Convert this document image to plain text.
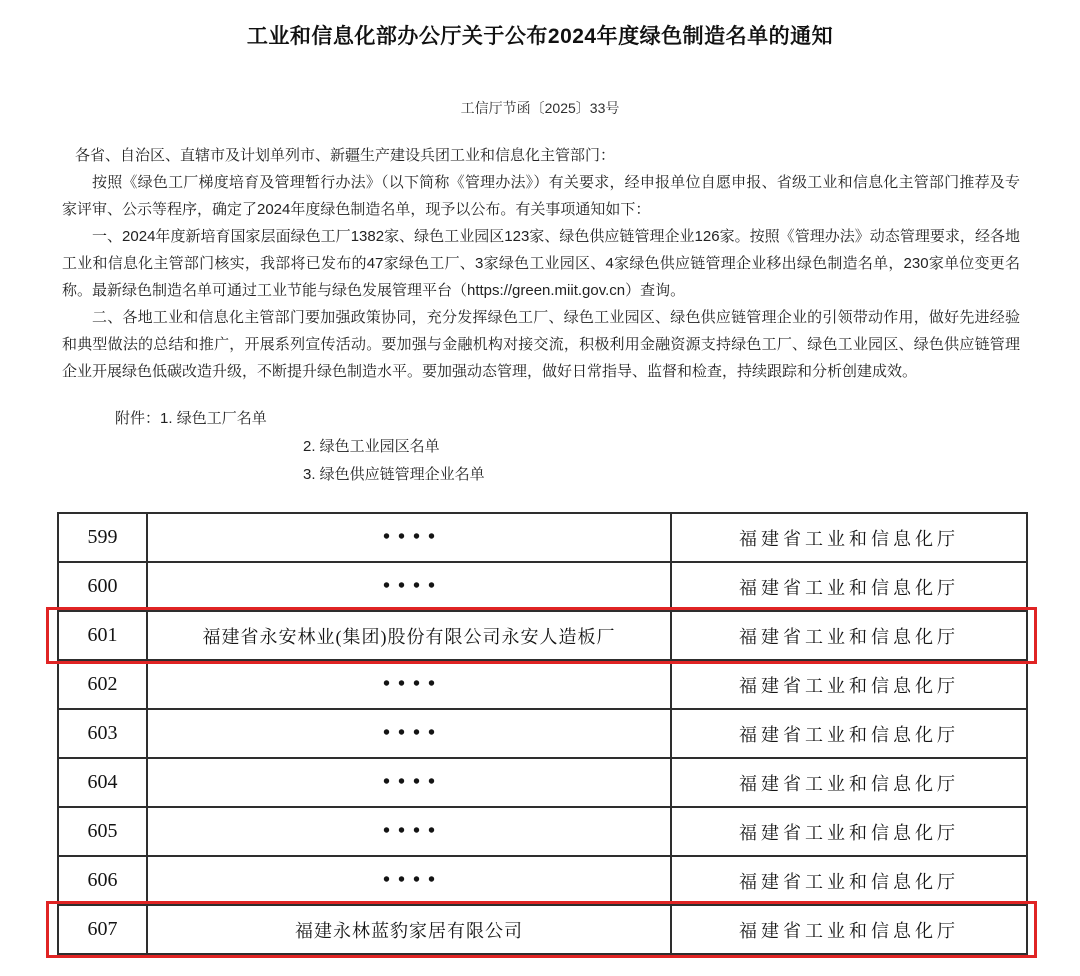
工业和信息化部办公厅关于公布2024年度绿色制造名单的通知
工信厅节函〔2025〕33号

各省、自治区、直辖市及计划单列市、新疆生产建设兵团工业和信息化主管部门：

按照《绿色工厂梯度培育及管理暂行办法》（以下简称《管理办法》）有关要求，经申报单位自愿申报、省级工业和信息化主管部门推荐及专家评审、公示等程序，确定了2024年度绿色制造名单，现予以公布。有关事项通知如下：

一、2024年度新培育国家层面绿色工厂1382家、绿色工业园区123家、绿色供应链管理企业126家。按照《管理办法》动态管理要求，经各地工业和信息化主管部门核实，我部将已发布的47家绿色工厂、3家绿色工业园区、4家绿色供应链管理企业移出绿色制造名单，230家单位变更名称。最新绿色制造名单可通过工业节能与绿色发展管理平台（https://green.miit.gov.cn）查询。

二、各地工业和信息化主管部门要加强政策协同，充分发挥绿色工厂、绿色工业园区、绿色供应链管理企业的引领带动作用，做好先进经验和典型做法的总结和推广，开展系列宣传活动。要加强与金融机构对接交流，积极利用金融资源支持绿色工厂、绿色工业园区、绿色供应链管理企业开展绿色低碳改造升级，不断提升绿色制造水平。要加强动态管理，做好日常指导、监督和检查，持续跟踪和分析创建成效。

附件：1. 绿色工厂名单
2. 绿色工业园区名单
3. 绿色供应链管理企业名单
599	••••	福建省工业和信息化厅
600	••••	福建省工业和信息化厅
601	福建省永安林业(集团)股份有限公司永安人造板厂	福建省工业和信息化厅
602	••••	福建省工业和信息化厅
603	••••	福建省工业和信息化厅
604	••••	福建省工业和信息化厅
605	••••	福建省工业和信息化厅
606	••••	福建省工业和信息化厅
607	福建永林蓝豹家居有限公司	福建省工业和信息化厅
